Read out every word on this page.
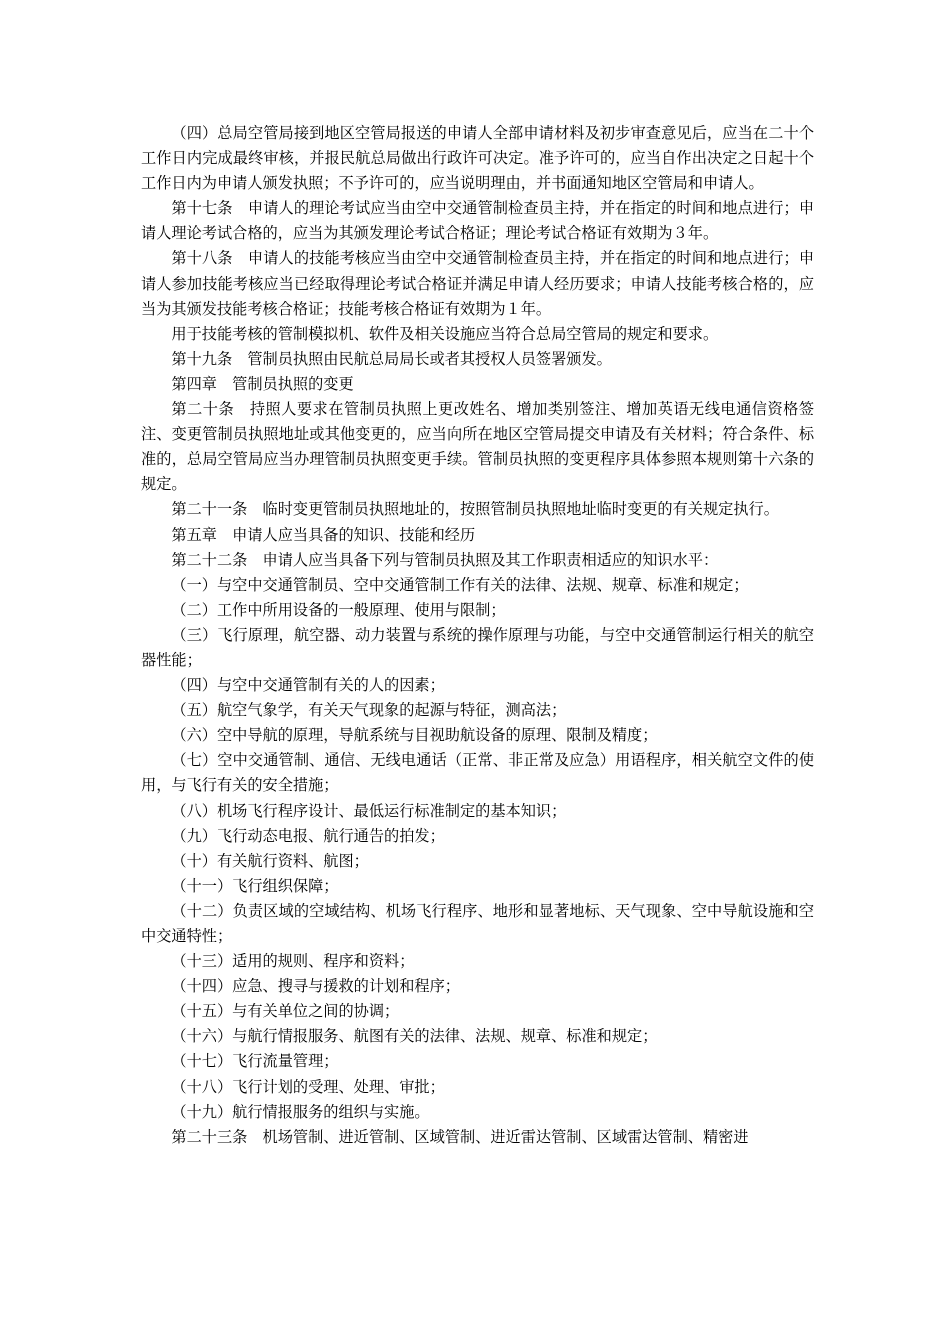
（四）总局空管局接到地区空管局报送的申请人全部申请材料及初步审查意见后，应当在二十个工作日内完成最终审核，并报民航总局做出行政许可决定。准予许可的，应当自作出决定之日起十个工作日内为申请人颁发执照；不予许可的，应当说明理由，并书面通知地区空管局和申请人。

第十七条　申请人的理论考试应当由空中交通管制检查员主持，并在指定的时间和地点进行；申请人理论考试合格的，应当为其颁发理论考试合格证；理论考试合格证有效期为３年。

第十八条　申请人的技能考核应当由空中交通管制检查员主持，并在指定的时间和地点进行；申请人参加技能考核应当已经取得理论考试合格证并满足申请人经历要求；申请人技能考核合格的，应当为其颁发技能考核合格证；技能考核合格证有效期为１年。

用于技能考核的管制模拟机、软件及相关设施应当符合总局空管局的规定和要求。

第十九条　管制员执照由民航总局局长或者其授权人员签署颁发。

第四章　管制员执照的变更

第二十条　持照人要求在管制员执照上更改姓名、增加类别签注、增加英语无线电通信资格签注、变更管制员执照地址或其他变更的，应当向所在地区空管局提交申请及有关材料；符合条件、标准的，总局空管局应当办理管制员执照变更手续。管制员执照的变更程序具体参照本规则第十六条的规定。

第二十一条　临时变更管制员执照地址的，按照管制员执照地址临时变更的有关规定执行。

第五章　申请人应当具备的知识、技能和经历

第二十二条　申请人应当具备下列与管制员执照及其工作职责相适应的知识水平：

（一）与空中交通管制员、空中交通管制工作有关的法律、法规、规章、标准和规定；

（二）工作中所用设备的一般原理、使用与限制；

（三）飞行原理，航空器、动力装置与系统的操作原理与功能，与空中交通管制运行相关的航空器性能；

（四）与空中交通管制有关的人的因素；

（五）航空气象学，有关天气现象的起源与特征，测高法；

（六）空中导航的原理，导航系统与目视助航设备的原理、限制及精度；

（七）空中交通管制、通信、无线电通话（正常、非正常及应急）用语程序，相关航空文件的使用，与飞行有关的安全措施；

（八）机场飞行程序设计、最低运行标准制定的基本知识；

（九）飞行动态电报、航行通告的拍发；

（十）有关航行资料、航图；

（十一）飞行组织保障；

（十二）负责区域的空域结构、机场飞行程序、地形和显著地标、天气现象、空中导航设施和空中交通特性；

（十三）适用的规则、程序和资料；

（十四）应急、搜寻与援救的计划和程序；

（十五）与有关单位之间的协调；

（十六）与航行情报服务、航图有关的法律、法规、规章、标准和规定；

（十七）飞行流量管理；

（十八）飞行计划的受理、处理、审批；

（十九）航行情报服务的组织与实施。

第二十三条　机场管制、进近管制、区域管制、进近雷达管制、区域雷达管制、精密进
